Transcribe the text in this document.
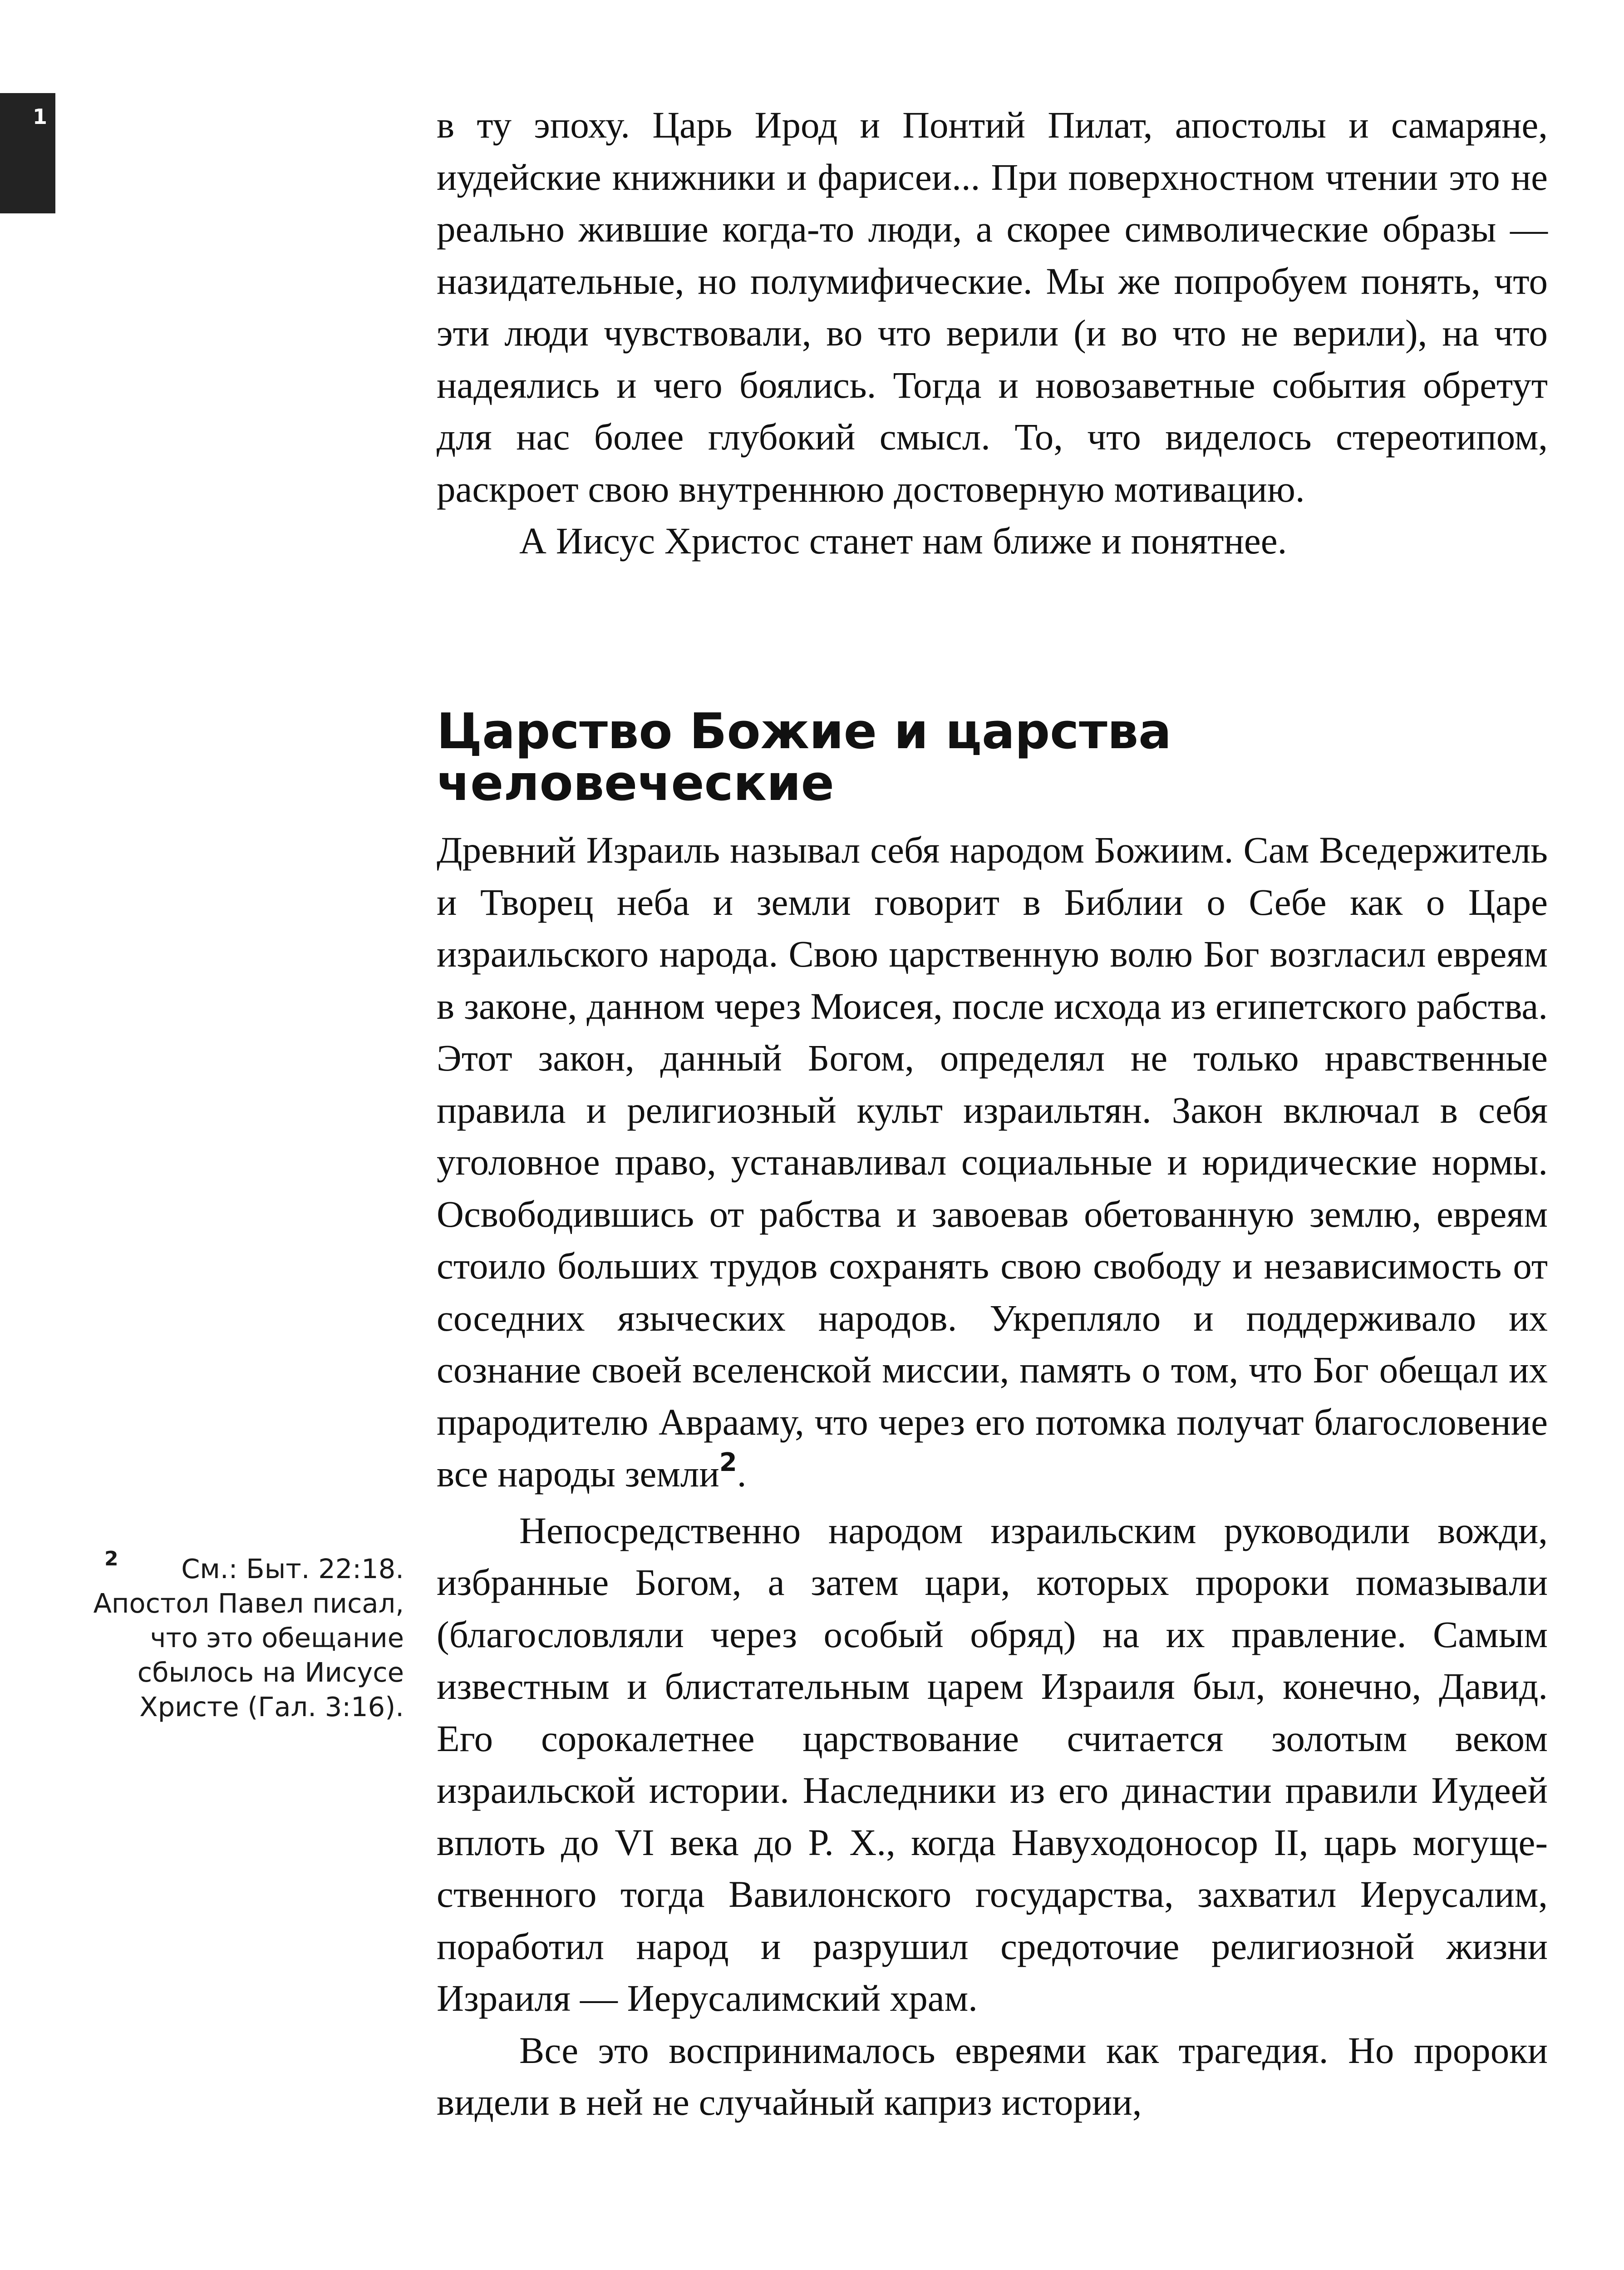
1	в ту эпоху. Царь Ирод и Понтий Пилат, апостолы и самаряне, иудейские книжники и фарисеи... При поверхностном чтении это не реально жившие когда-то люди, а скорее символические образы — назидательные, но полумифические. Мы же попробуем понять, что эти люди чувствовали, во что верили (и во что не верили), на что надеялись и чего боялись. Тогда и новозаветные события обретут для нас более глубокий смысл. То, что виделось стереотипом, раскроет свою внутреннюю достоверную мотивацию.

А Иисус Христос станет нам ближе и понятнее.

Царство Божие и царства
человеческие

Древний Израиль называл себя народом Божиим. Сам Вседержитель и Творец неба и земли говорит в Библии о Себе как о Царе израильского народа. Свою царственную волю Бог возгласил евреям в законе, данном через Моисея, после исхода из египетского рабства. Этот закон, данный Богом, определял не только нравственные правила и религиозный культ израильтян. Закон включал в себя уголовное право, устанавливал социальные и юридические нормы. Освободившись от рабства и завоевав обетованную землю, евреям стоило больших трудов сохранять свою свободу и независимость от соседних языческих народов. Укрепляло и поддерживало их сознание своей вселенской миссии, память о том, что Бог обещал их прародителю Аврааму, что через его потомка получат благословение все народы земли$^2$.

Непосредственно народом израильским руководили вожди, избранные Богом, а затем цари, которых пророки помазывали (благословляли через особый обряд) на их правление. Самым известным и блистательным царем Израиля был, конечно, Давид. Его сорокалетнее царствование считается золотым веком израильской истории. Наследники из его династии правили Иудеей вплоть до VI века до Р. Х., когда Навуходоносор II, царь могущественного тогда Вавилонского государства, захватил Иерусалим, поработил народ и разрушил средоточие религиозной жизни Израиля — Иерусалимский храм.

Все это воспринималось евреями как трагедия. Но пророки видели в ней не случайный каприз истории,

2 См.: Быт. 22:18. Апостол Павел писал, что это обещание сбылось на Иисусе Христе (Гал. 3:16).
